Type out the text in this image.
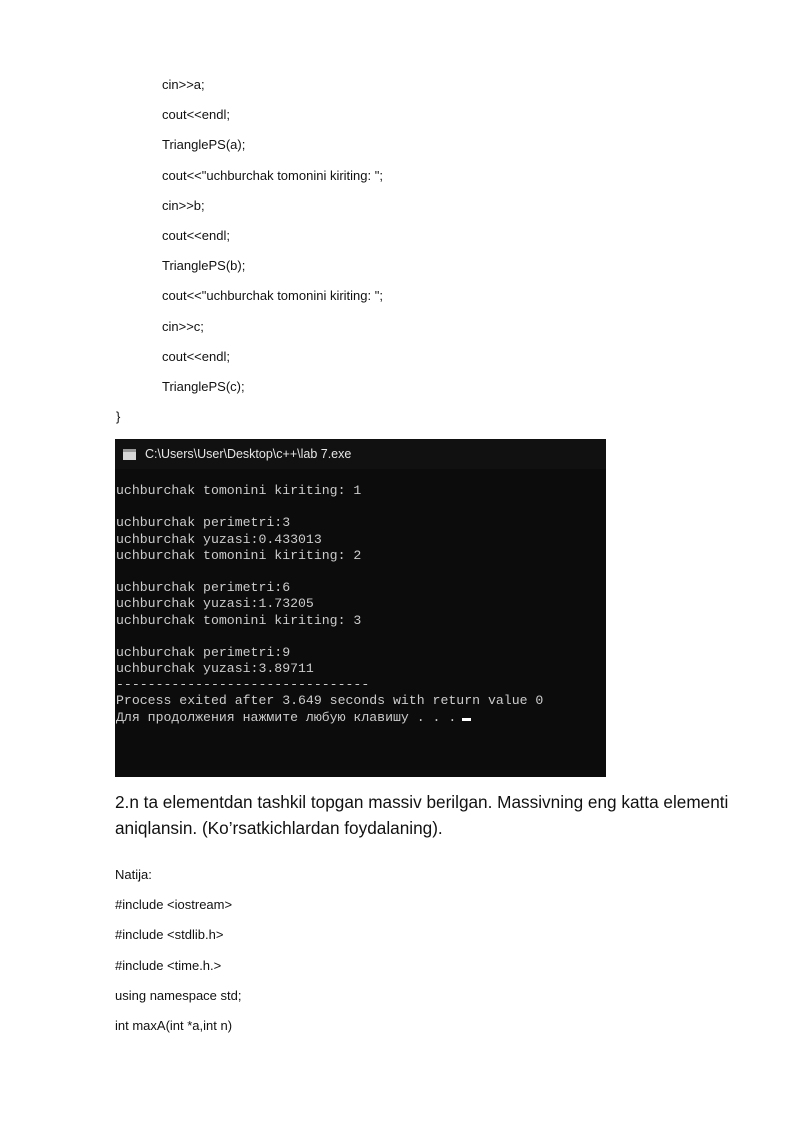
cin>>a;
cout<<endl;
TrianglePS(a);
cout<<"uchburchak tomonini kiriting: ";
cin>>b;
cout<<endl;
TrianglePS(b);
cout<<"uchburchak tomonini kiriting: ";
cin>>c;
cout<<endl;
TrianglePS(c);
}
C:\Users\User\Desktop\c++\lab 7.exe
uchburchak tomonini kiriting: 1
uchburchak perimetri:3
uchburchak yuzasi:0.433013
uchburchak tomonini kiriting: 2
uchburchak perimetri:6
uchburchak yuzasi:1.73205
uchburchak tomonini kiriting: 3
uchburchak perimetri:9
uchburchak yuzasi:3.89711
--------------------------------
Process exited after 3.649 seconds with return value 0
Для продолжения нажмите любую клавишу . . .
2.n ta elementdan tashkil topgan massiv berilgan. Massivning eng katta elementi aniqlansin. (Ko’rsatkichlardan foydalaning).
Natija:
#include <iostream>
#include <stdlib.h>
#include <time.h.>
using namespace std;
int maxA(int *a,int n)
